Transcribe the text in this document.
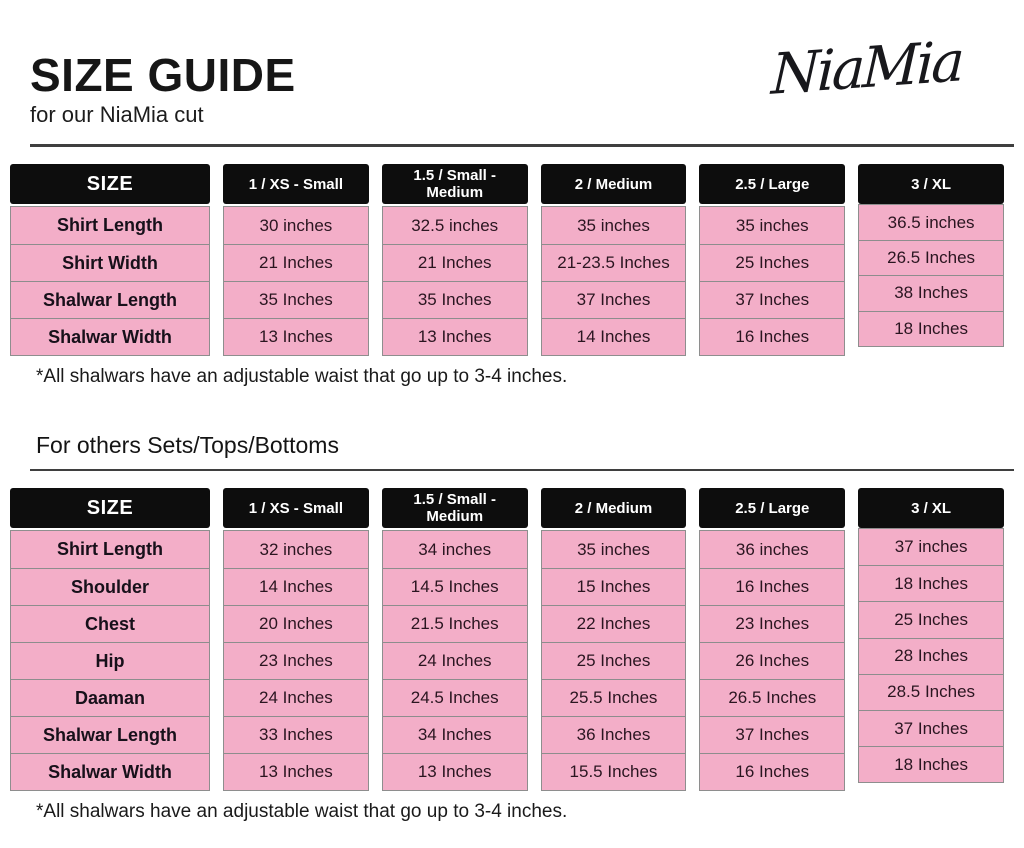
SIZE GUIDE
for our NiaMia cut
NiaMia
SIZE
Shirt Length
Shirt Width
Shalwar Length
Shalwar Width
1 / XS - Small
30 inches
21 Inches
35 Inches
13 Inches
1.5 / Small - Medium
32.5 inches
21 Inches
35 Inches
13 Inches
2 / Medium
35 inches
21-23.5 Inches
37 Inches
14 Inches
2.5 / Large
35 inches
25 Inches
37 Inches
16 Inches
3 / XL
36.5 inches
26.5 Inches
38 Inches
18 Inches
*All shalwars have an adjustable waist that go up to 3-4 inches.
For others Sets/Tops/Bottoms
SIZE
Shirt Length
Shoulder
Chest
Hip
Daaman
Shalwar Length
Shalwar Width
1 / XS - Small
32 inches
14 Inches
20 Inches
23 Inches
24 Inches
33 Inches
13 Inches
1.5 / Small - Medium
34 inches
14.5 Inches
21.5 Inches
24 Inches
24.5 Inches
34 Inches
13 Inches
2 / Medium
35 inches
15 Inches
22 Inches
25 Inches
25.5 Inches
36 Inches
15.5 Inches
2.5 / Large
36 inches
16 Inches
23 Inches
26 Inches
26.5 Inches
37 Inches
16 Inches
3 / XL
37 inches
18 Inches
25 Inches
28 Inches
28.5 Inches
37 Inches
18 Inches
*All shalwars have an adjustable waist that go up to 3-4 inches.
